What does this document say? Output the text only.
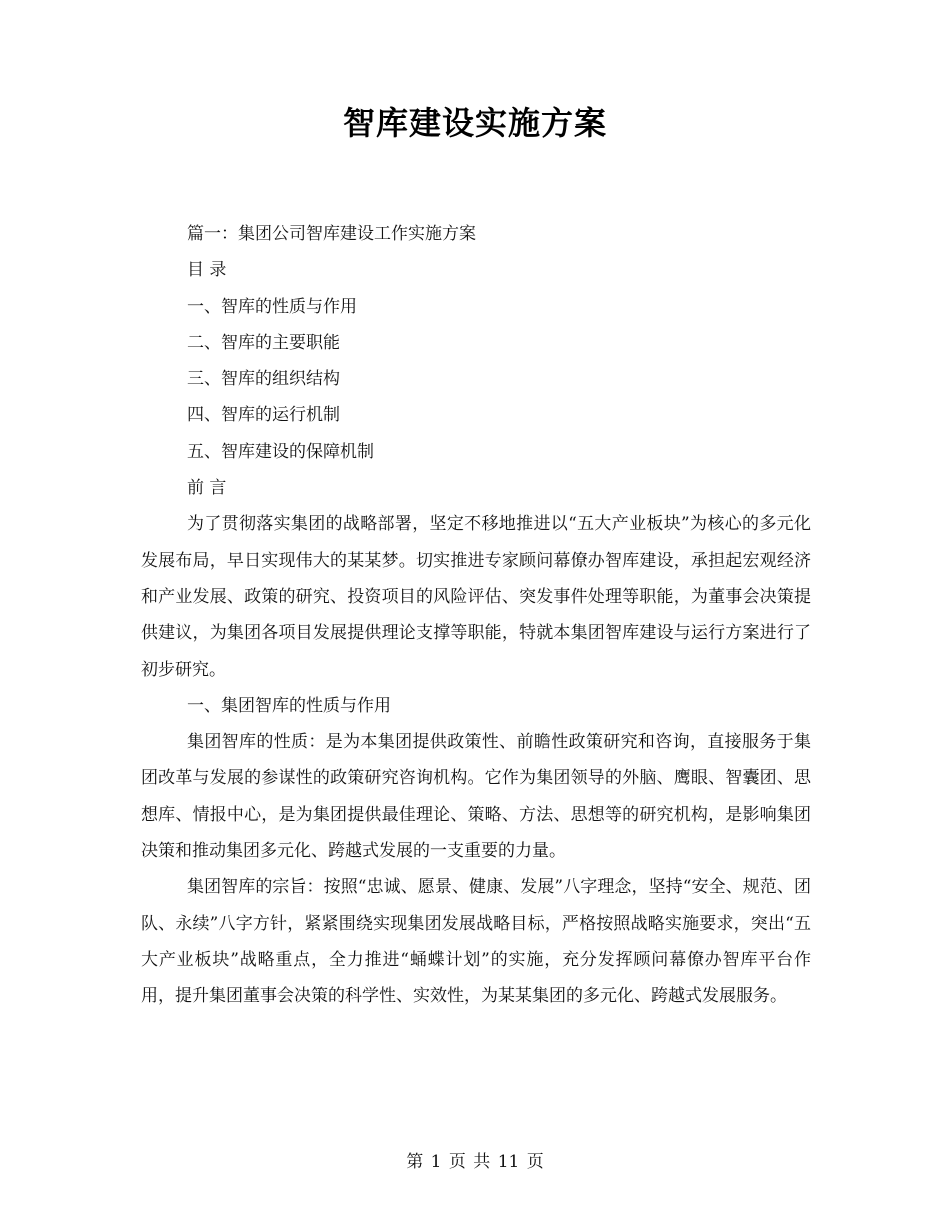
智库建设实施方案
篇一：集团公司智库建设工作实施方案
目 录
一、智库的性质与作用
二、智库的主要职能
三、智库的组织结构
四、智库的运行机制
五、智库建设的保障机制
前 言

为了贯彻落实集团的战略部署，坚定不移地推进以“五大产业板块”为核心的多元化发展布局，早日实现伟大的某某梦。切实推进专家顾问幕僚办智库建设，承担起宏观经济和产业发展、政策的研究、投资项目的风险评估、突发事件处理等职能，为董事会决策提供建议，为集团各项目发展提供理论支撑等职能，特就本集团智库建设与运行方案进行了初步研究。

一、集团智库的性质与作用

集团智库的性质：是为本集团提供政策性、前瞻性政策研究和咨询，直接服务于集团改革与发展的参谋性的政策研究咨询机构。它作为集团领导的外脑、鹰眼、智囊团、思想库、情报中心，是为集团提供最佳理论、策略、方法、思想等的研究机构，是影响集团决策和推动集团多元化、跨越式发展的一支重要的力量。

集团智库的宗旨：按照“忠诚、愿景、健康、发展”八字理念，坚持“安全、规范、团队、永续”八字方针，紧紧围绕实现集团发展战略目标，严格按照战略实施要求，突出“五大产业板块”战略重点，全力推进“蛹蝶计划”的实施，充分发挥顾问幕僚办智库平台作用，提升集团董事会决策的科学性、实效性，为某某集团的多元化、跨越式发展服务。

第 1 页 共 11 页
